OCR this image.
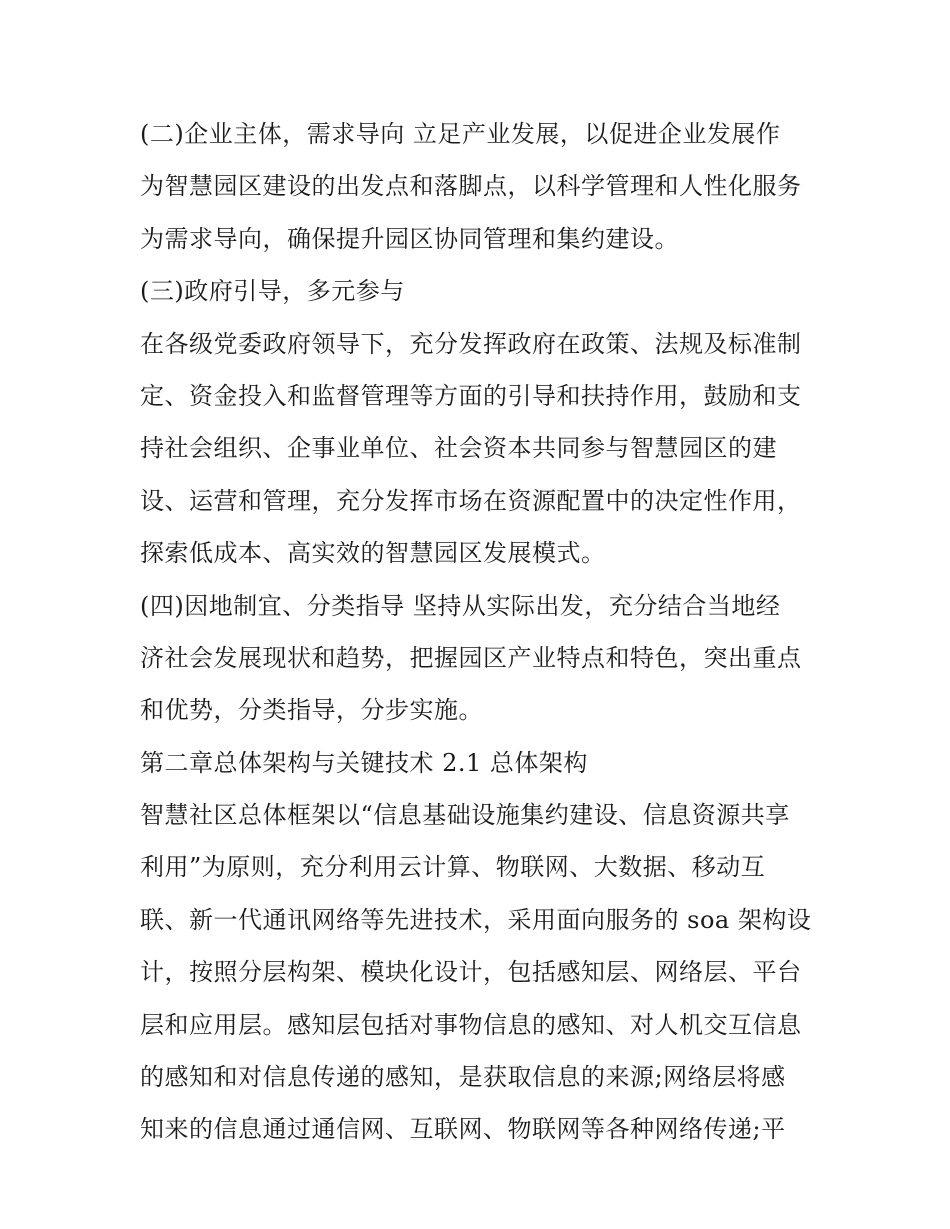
(二)企业主体，需求导向 立足产业发展，以促进企业发展作
为智慧园区建设的出发点和落脚点，以科学管理和人性化服务
为需求导向，确保提升园区协同管理和集约建设。
(三)政府引导，多元参与
在各级党委政府领导下，充分发挥政府在政策、法规及标准制
定、资金投入和监督管理等方面的引导和扶持作用，鼓励和支
持社会组织、企事业单位、社会资本共同参与智慧园区的建
设、运营和管理，充分发挥市场在资源配置中的决定性作用，
探索低成本、高实效的智慧园区发展模式。
(四)因地制宜、分类指导 坚持从实际出发，充分结合当地经
济社会发展现状和趋势，把握园区产业特点和特色，突出重点
和优势，分类指导，分步实施。
第二章总体架构与关键技术 2.1 总体架构
智慧社区总体框架以“信息基础设施集约建设、信息资源共享
利用”为原则，充分利用云计算、物联网、大数据、移动互
联、新一代通讯网络等先进技术，采用面向服务的 soa 架构设
计，按照分层构架、模块化设计，包括感知层、网络层、平台
层和应用层。感知层包括对事物信息的感知、对人机交互信息
的感知和对信息传递的感知，是获取信息的来源;网络层将感
知来的信息通过通信网、互联网、物联网等各种网络传递;平
